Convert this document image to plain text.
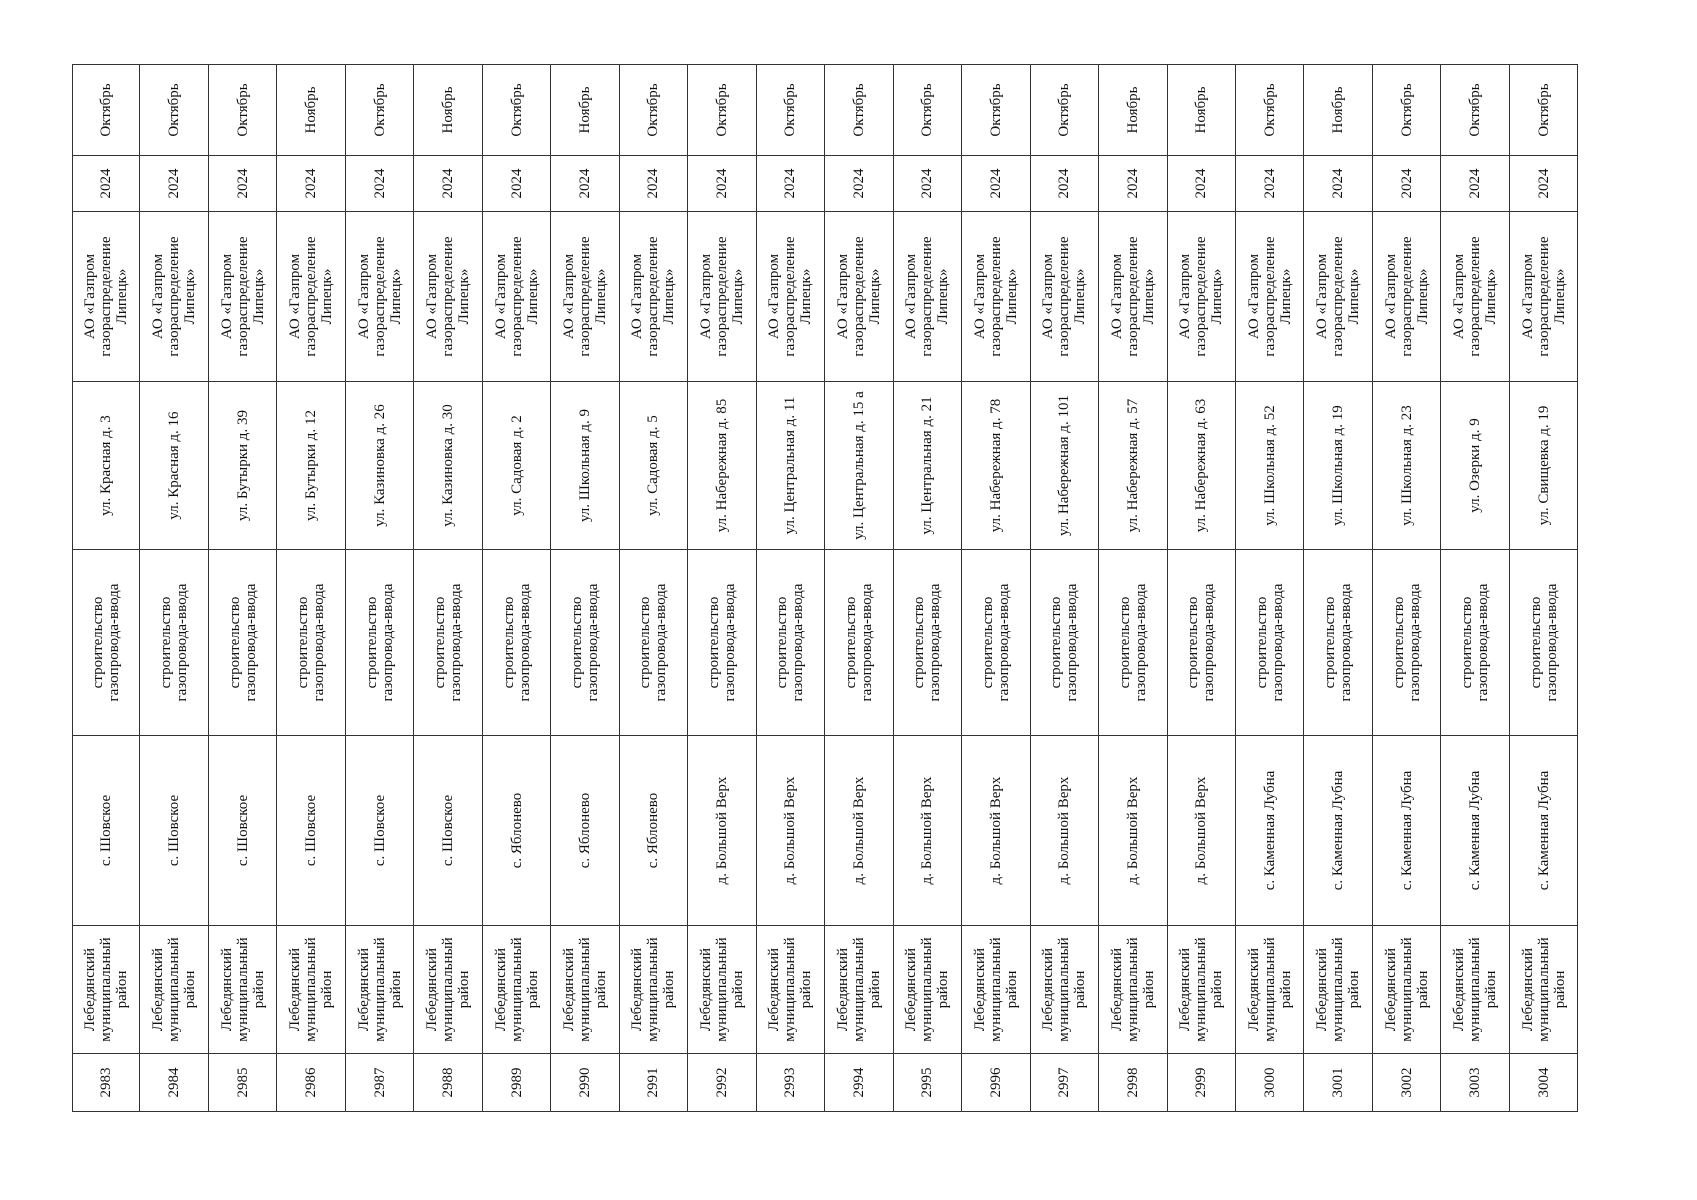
2983
Лебедянский муниципальный район
с. Шовское
строительство газопровода-ввода
ул. Красная д. 3
АО «Газпром газораспределение Липецк»
2024
Октябрь
2984
Лебедянский муниципальный район
с. Шовское
строительство газопровода-ввода
ул. Красная д. 16
АО «Газпром газораспределение Липецк»
2024
Октябрь
2985
Лебедянский муниципальный район
с. Шовское
строительство газопровода-ввода
ул. Бутырки д. 39
АО «Газпром газораспределение Липецк»
2024
Октябрь
2986
Лебедянский муниципальный район
с. Шовское
строительство газопровода-ввода
ул. Бутырки д. 12
АО «Газпром газораспределение Липецк»
2024
Ноябрь
2987
Лебедянский муниципальный район
с. Шовское
строительство газопровода-ввода
ул. Казиновка д. 26
АО «Газпром газораспределение Липецк»
2024
Октябрь
2988
Лебедянский муниципальный район
с. Шовское
строительство газопровода-ввода
ул. Казиновка д. 30
АО «Газпром газораспределение Липецк»
2024
Ноябрь
2989
Лебедянский муниципальный район
с. Яблонево
строительство газопровода-ввода
ул. Садовая д. 2
АО «Газпром газораспределение Липецк»
2024
Октябрь
2990
Лебедянский муниципальный район
с. Яблонево
строительство газопровода-ввода
ул. Школьная д. 9
АО «Газпром газораспределение Липецк»
2024
Ноябрь
2991
Лебедянский муниципальный район
с. Яблонево
строительство газопровода-ввода
ул. Садовая д. 5
АО «Газпром газораспределение Липецк»
2024
Октябрь
2992
Лебедянский муниципальный район
д. Большой Верх
строительство газопровода-ввода
ул. Набережная д. 85
АО «Газпром газораспределение Липецк»
2024
Октябрь
2993
Лебедянский муниципальный район
д. Большой Верх
строительство газопровода-ввода
ул. Центральная д. 11
АО «Газпром газораспределение Липецк»
2024
Октябрь
2994
Лебедянский муниципальный район
д. Большой Верх
строительство газопровода-ввода
ул. Центральная д. 15 а
АО «Газпром газораспределение Липецк»
2024
Октябрь
2995
Лебедянский муниципальный район
д. Большой Верх
строительство газопровода-ввода
ул. Центральная д. 21
АО «Газпром газораспределение Липецк»
2024
Октябрь
2996
Лебедянский муниципальный район
д. Большой Верх
строительство газопровода-ввода
ул. Набережная д. 78
АО «Газпром газораспределение Липецк»
2024
Октябрь
2997
Лебедянский муниципальный район
д. Большой Верх
строительство газопровода-ввода
ул. Набережная д. 101
АО «Газпром газораспределение Липецк»
2024
Октябрь
2998
Лебедянский муниципальный район
д. Большой Верх
строительство газопровода-ввода
ул. Набережная д. 57
АО «Газпром газораспределение Липецк»
2024
Ноябрь
2999
Лебедянский муниципальный район
д. Большой Верх
строительство газопровода-ввода
ул. Набережная д. 63
АО «Газпром газораспределение Липецк»
2024
Ноябрь
3000
Лебедянский муниципальный район
с. Каменная Лубна
строительство газопровода-ввода
ул. Школьная д. 52
АО «Газпром газораспределение Липецк»
2024
Октябрь
3001
Лебедянский муниципальный район
с. Каменная Лубна
строительство газопровода-ввода
ул. Школьная д. 19
АО «Газпром газораспределение Липецк»
2024
Ноябрь
3002
Лебедянский муниципальный район
с. Каменная Лубна
строительство газопровода-ввода
ул. Школьная д. 23
АО «Газпром газораспределение Липецк»
2024
Октябрь
3003
Лебедянский муниципальный район
с. Каменная Лубна
строительство газопровода-ввода
ул. Озерки д. 9
АО «Газпром газораспределение Липецк»
2024
Октябрь
3004
Лебедянский муниципальный район
с. Каменная Лубна
строительство газопровода-ввода
ул. Свищевка д. 19
АО «Газпром газораспределение Липецк»
2024
Октябрь
